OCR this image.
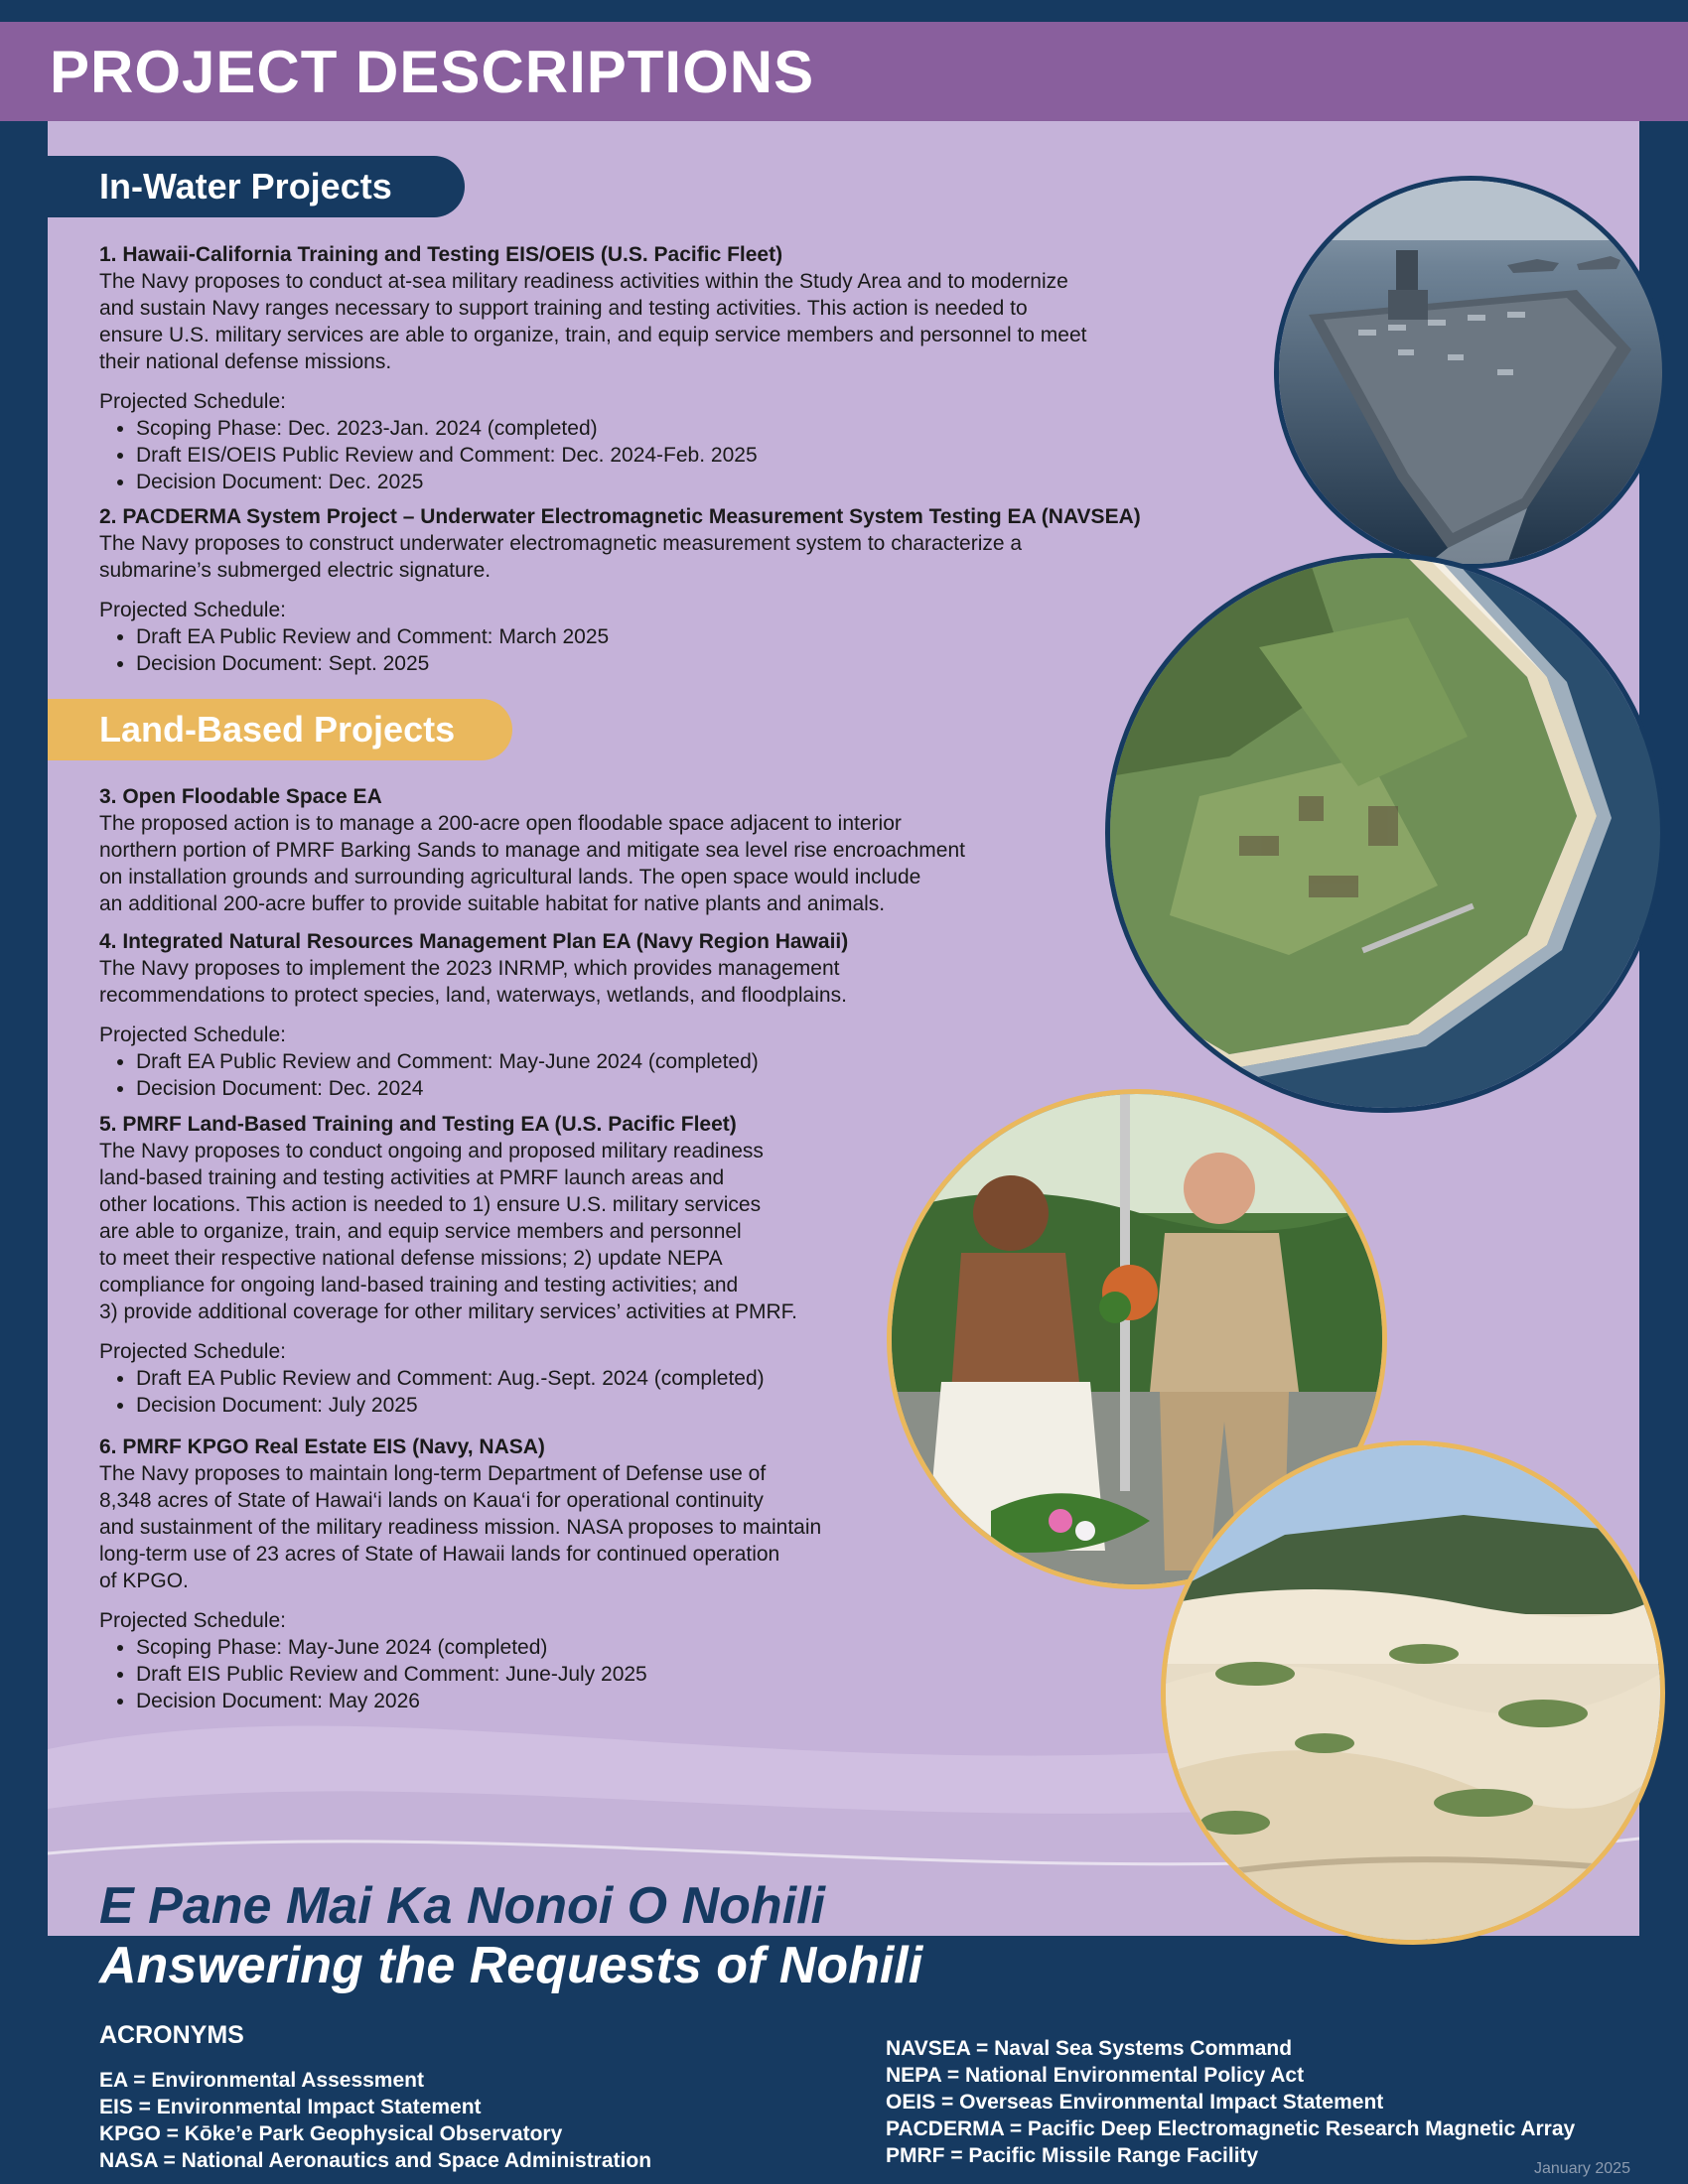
PROJECT DESCRIPTIONS
In-Water Projects
Land-Based Projects
1. Hawaii-California Training and Testing EIS/OEIS (U.S. Pacific Fleet)
The Navy proposes to conduct at-sea military readiness activities within the Study Area and to modernize
and sustain Navy ranges necessary to support training and testing activities. This action is needed to
ensure U.S. military services are able to organize, train, and equip service members and personnel to meet
their national defense missions.
Projected Schedule:
• Scoping Phase: Dec. 2023-Jan. 2024 (completed)
• Draft EIS/OEIS Public Review and Comment: Dec. 2024-Feb. 2025
• Decision Document: Dec. 2025
2. PACDERMA System Project – Underwater Electromagnetic Measurement System Testing EA (NAVSEA)
The Navy proposes to construct underwater electromagnetic measurement system to characterize a
submarine’s submerged electric signature.
Projected Schedule:
• Draft EA Public Review and Comment: March 2025
• Decision Document: Sept. 2025
3. Open Floodable Space EA
The proposed action is to manage a 200-acre open floodable space adjacent to interior
northern portion of PMRF Barking Sands to manage and mitigate sea level rise encroachment
on installation grounds and surrounding agricultural lands. The open space would include
an additional 200-acre buffer to provide suitable habitat for native plants and animals.
4. Integrated Natural Resources Management Plan EA (Navy Region Hawaii)
The Navy proposes to implement the 2023 INRMP, which provides management
recommendations to protect species, land, waterways, wetlands, and floodplains.
Projected Schedule:
• Draft EA Public Review and Comment: May-June 2024 (completed)
• Decision Document: Dec. 2024
5. PMRF Land-Based Training and Testing EA (U.S. Pacific Fleet)
The Navy proposes to conduct ongoing and proposed military readiness
land-based training and testing activities at PMRF launch areas and
other locations. This action is needed to 1) ensure U.S. military services
are able to organize, train, and equip service members and personnel
to meet their respective national defense missions; 2) update NEPA
compliance for ongoing land-based training and testing activities; and
3) provide additional coverage for other military services’ activities at PMRF.
Projected Schedule:
• Draft EA Public Review and Comment: Aug.-Sept. 2024 (completed)
• Decision Document: July 2025
6. PMRF KPGO Real Estate EIS (Navy, NASA)
The Navy proposes to maintain long-term Department of Defense use of
8,348 acres of State of Hawai‘i lands on Kaua‘i for operational continuity
and sustainment of the military readiness mission. NASA proposes to maintain
long-term use of 23 acres of State of Hawaii lands for continued operation
of KPGO.
Projected Schedule:
• Scoping Phase: May-June 2024 (completed)
• Draft EIS Public Review and Comment: June-July 2025
• Decision Document: May 2026
E Pane Mai Ka Nonoi O Nohili
Answering the Requests of Nohili
ACRONYMS
EA = Environmental Assessment
EIS = Environmental Impact Statement
KPGO = Kōke’e Park Geophysical Observatory
NASA = National Aeronautics and Space Administration
NAVSEA = Naval Sea Systems Command
NEPA = National Environmental Policy Act
OEIS = Overseas Environmental Impact Statement
PACDERMA = Pacific Deep Electromagnetic Research Magnetic Array
PMRF = Pacific Missile Range Facility
January 2025
